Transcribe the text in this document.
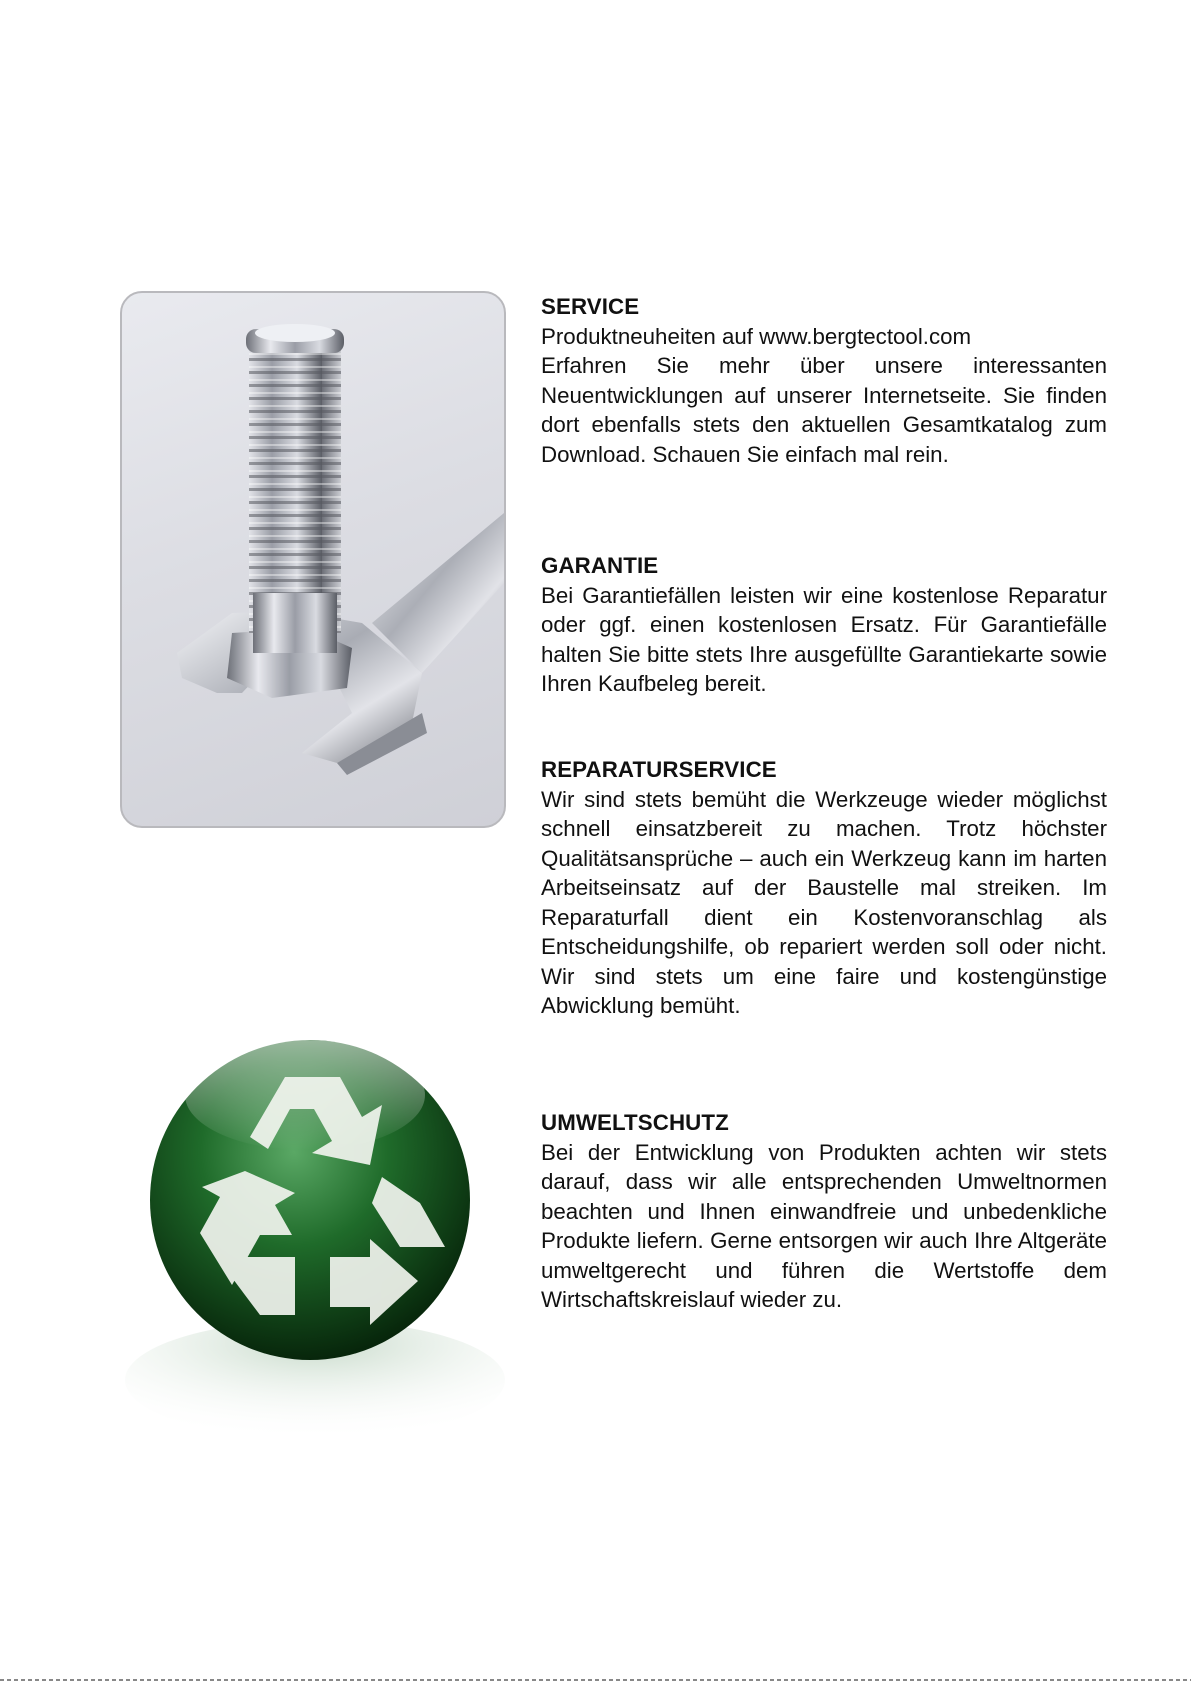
SERVICE

Produktneuheiten auf www.bergtectool.com

Erfahren Sie mehr über unsere interessanten Neuentwicklungen auf unserer Internetseite. Sie finden dort ebenfalls stets den aktuellen Gesamtkatalog zum Download. Schauen Sie einfach mal rein.

GARANTIE

Bei Garantiefällen leisten wir eine kostenlose Reparatur oder ggf. einen kostenlosen Ersatz. Für Garantiefälle halten Sie bitte stets Ihre ausgefüllte Garantiekarte sowie Ihren Kaufbeleg bereit.

REPARATURSERVICE

Wir sind stets bemüht die Werkzeuge wieder möglichst schnell einsatzbereit zu machen. Trotz höchster Qualitätsansprüche – auch ein Werkzeug kann im harten Arbeitseinsatz auf der Baustelle mal streiken. Im Reparaturfall dient ein Kostenvoranschlag als Entscheidungshilfe, ob repariert werden soll oder nicht. Wir sind stets um eine faire und kostengünstige Abwicklung bemüht.

UMWELTSCHUTZ

Bei der Entwicklung von Produkten achten wir stets darauf, dass wir alle entsprechenden Umweltnormen beachten und Ihnen einwandfreie und unbedenkliche Produkte liefern. Gerne entsorgen wir auch Ihre Altgeräte umweltgerecht und führen die Wertstoffe dem Wirtschaftskreislauf wieder zu.
